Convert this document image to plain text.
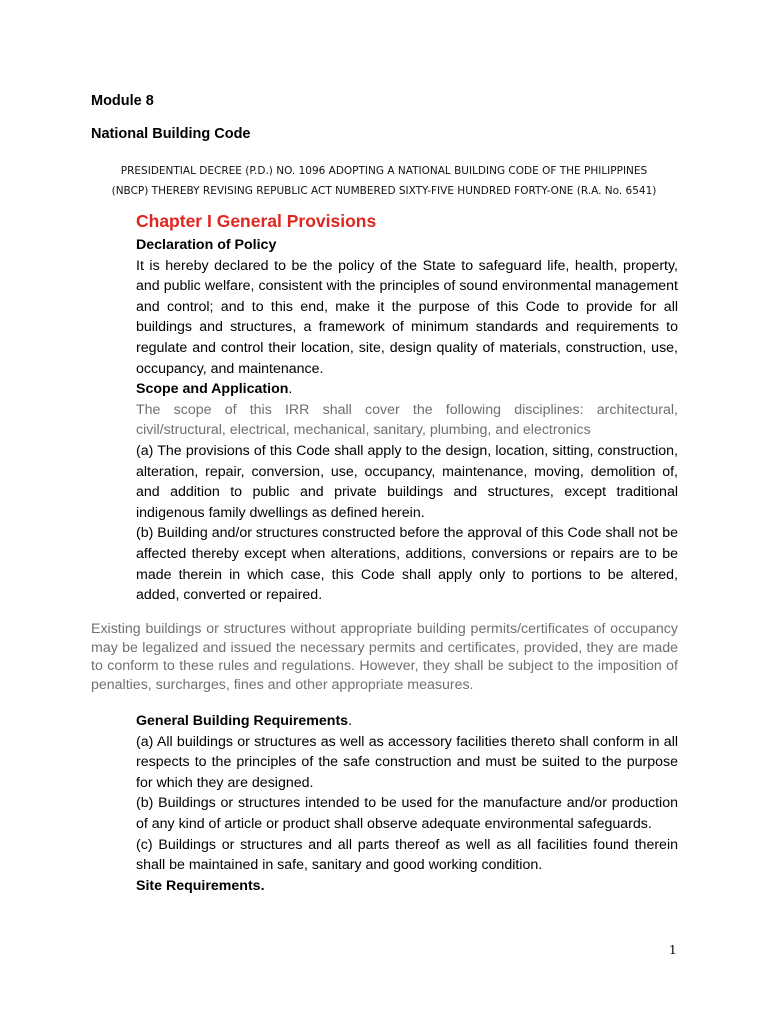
Module 8
National Building Code
PRESIDENTIAL DECREE (P.D.) NO. 1096 ADOPTING A NATIONAL BUILDING CODE OF THE PHILIPPINES
(NBCP) THEREBY REVISING REPUBLIC ACT NUMBERED SIXTY-FIVE HUNDRED FORTY-ONE (R.A. No. 6541)
Chapter I General Provisions

Declaration of Policy

It is hereby declared to be the policy of the State to safeguard life, health, property, and public welfare, consistent with the principles of sound environmental management and control; and to this end, make it the purpose of this Code to provide for all buildings and structures, a framework of minimum standards and requirements to regulate and control their location, site, design quality of materials, construction, use, occupancy, and maintenance.

Scope and Application.

The scope of this IRR shall cover the following disciplines: architectural, civil/structural, electrical, mechanical, sanitary, plumbing, and electronics

(a) The provisions of this Code shall apply to the design, location, sitting, construction, alteration, repair, conversion, use, occupancy, maintenance, moving, demolition of, and addition to public and private buildings and structures, except traditional indigenous family dwellings as defined herein.

(b) Building and/or structures constructed before the approval of this Code shall not be affected thereby except when alterations, additions, conversions or repairs are to be made therein in which case, this Code shall apply only to portions to be altered, added, converted or repaired.

Existing buildings or structures without appropriate building permits/certificates of occupancy may be legalized and issued the necessary permits and certificates, provided, they are made to conform to these rules and regulations. However, they shall be subject to the imposition of penalties, surcharges, fines and other appropriate measures.

General Building Requirements.

(a) All buildings or structures as well as accessory facilities thereto shall conform in all respects to the principles of the safe construction and must be suited to the purpose for which they are designed.

(b) Buildings or structures intended to be used for the manufacture and/or production of any kind of article or product shall observe adequate environmental safeguards.

(c) Buildings or structures and all parts thereof as well as all facilities found therein shall be maintained in safe, sanitary and good working condition.

Site Requirements.

1
